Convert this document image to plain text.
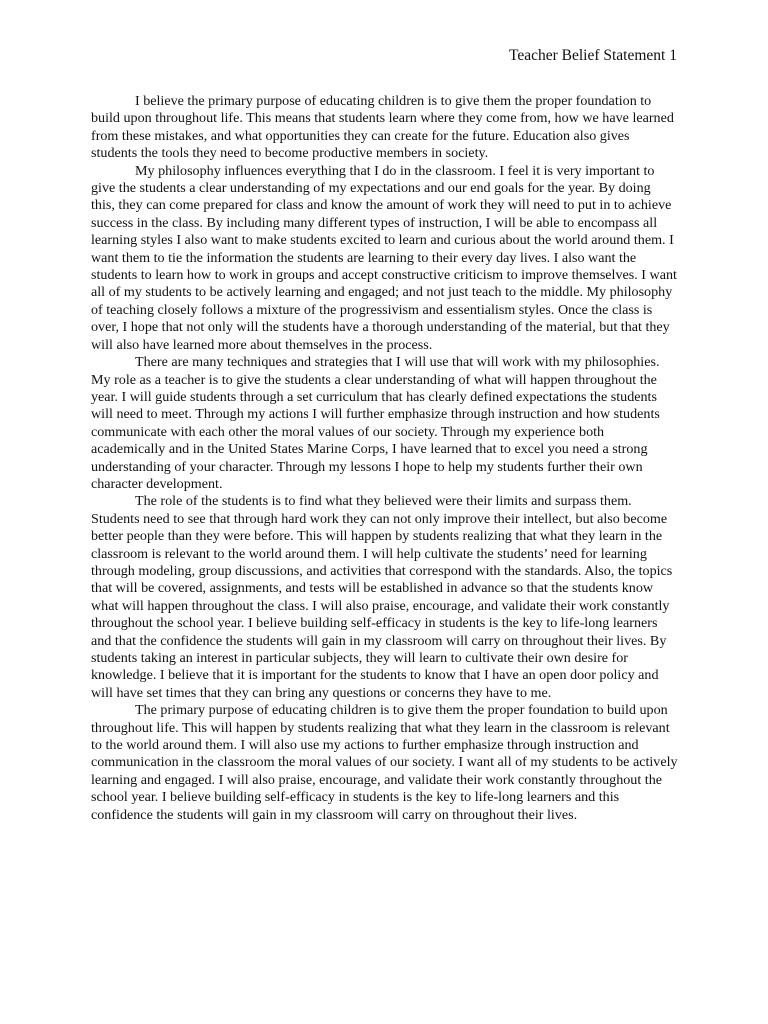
Teacher Belief Statement 1

I believe the primary purpose of educating children is to give them the proper foundation to build upon throughout life. This means that students learn where they come from, how we have learned from these mistakes, and what opportunities they can create for the future. Education also gives students the tools they need to become productive members in society.

My philosophy influences everything that I do in the classroom. I feel it is very important to give the students a clear understanding of my expectations and our end goals for the year. By doing this, they can come prepared for class and know the amount of work they will need to put in to achieve success in the class. By including many different types of instruction, I will be able to encompass all learning styles I also want to make students excited to learn and curious about the world around them. I want them to tie the information the students are learning to their every day lives. I also want the students to learn how to work in groups and accept constructive criticism to improve themselves. I want all of my students to be actively learning and engaged; and not just teach to the middle. My philosophy of teaching closely follows a mixture of the progressivism and essentialism styles. Once the class is over, I hope that not only will the students have a thorough understanding of the material, but that they will also have learned more about themselves in the process.

There are many techniques and strategies that I will use that will work with my philosophies. My role as a teacher is to give the students a clear understanding of what will happen throughout the year. I will guide students through a set curriculum that has clearly defined expectations the students will need to meet. Through my actions I will further emphasize through instruction and how students communicate with each other the moral values of our society. Through my experience both academically and in the United States Marine Corps, I have learned that to excel you need a strong understanding of your character. Through my lessons I hope to help my students further their own character development.

The role of the students is to find what they believed were their limits and surpass them. Students need to see that through hard work they can not only improve their intellect, but also become better people than they were before. This will happen by students realizing that what they learn in the classroom is relevant to the world around them. I will help cultivate the students’ need for learning through modeling, group discussions, and activities that correspond with the standards. Also, the topics that will be covered, assignments, and tests will be established in advance so that the students know what will happen throughout the class. I will also praise, encourage, and validate their work constantly throughout the school year. I believe building self-efficacy in students is the key to life-long learners and that the confidence the students will gain in my classroom will carry on throughout their lives. By students taking an interest in particular subjects, they will learn to cultivate their own desire for knowledge. I believe that it is important for the students to know that I have an open door policy and will have set times that they can bring any questions or concerns they have to me.

The primary purpose of educating children is to give them the proper foundation to build upon throughout life. This will happen by students realizing that what they learn in the classroom is relevant to the world around them. I will also use my actions to further emphasize through instruction and communication in the classroom the moral values of our society. I want all of my students to be actively learning and engaged. I will also praise, encourage, and validate their work constantly throughout the school year. I believe building self-efficacy in students is the key to life-long learners and this confidence the students will gain in my classroom will carry on throughout their lives.
